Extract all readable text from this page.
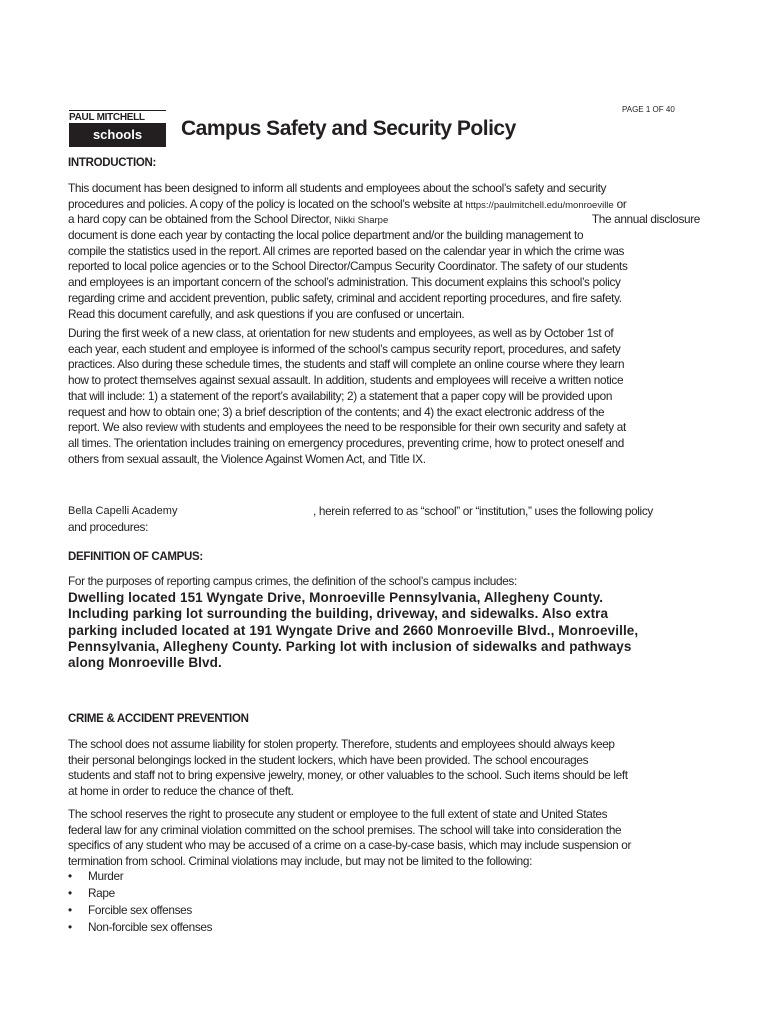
PAUL MITCHELL
schools	Campus Safety and Security Policy
PAGE 1 OF 40
INTRODUCTION:
This document has been designed to inform all students and employees about the school’s safety and security
procedures and policies. A copy of the policy is located on the school’s website at https://paulmitchell.edu/monroeville or
a hard copy can be obtained from the School Director, Nikki Sharpe	The annual disclosure
document is done each year by contacting the local police department and/or the building management to
compile the statistics used in the report. All crimes are reported based on the calendar year in which the crime was
reported to local police agencies or to the School Director/Campus Security Coordinator. The safety of our students
and employees is an important concern of the school’s administration. This document explains this school’s policy
regarding crime and accident prevention, public safety, criminal and accident reporting procedures, and fire safety.
Read this document carefully, and ask questions if you are confused or uncertain.
During the first week of a new class, at orientation for new students and employees, as well as by October 1st of
each year, each student and employee is informed of the school’s campus security report, procedures, and safety
practices. Also during these schedule times, the students and staff will complete an online course where they learn
how to protect themselves against sexual assault. In addition, students and employees will receive a written notice
that will include: 1) a statement of the report’s availability; 2) a statement that a paper copy will be provided upon
request and how to obtain one; 3) a brief description of the contents; and 4) the exact electronic address of the
report. We also review with students and employees the need to be responsible for their own security and safety at
all times. The orientation includes training on emergency procedures, preventing crime, how to protect oneself and
others from sexual assault, the Violence Against Women Act, and Title IX.
Bella Capelli Academy	, herein referred to as “school” or “institution,” uses the following policy
and procedures:
DEFINITION OF CAMPUS:
For the purposes of reporting campus crimes, the definition of the school’s campus includes:
Dwelling located 151 Wyngate Drive, Monroeville Pennsylvania, Allegheny County.
Including parking lot surrounding the building, driveway, and sidewalks. Also extra
parking included located at 191 Wyngate Drive and 2660 Monroeville Blvd., Monroeville,
Pennsylvania, Allegheny County. Parking lot with inclusion of sidewalks and pathways
along Monroeville Blvd.
CRIME & ACCIDENT PREVENTION
The school does not assume liability for stolen property. Therefore, students and employees should always keep
their personal belongings locked in the student lockers, which have been provided. The school encourages
students and staff not to bring expensive jewelry, money, or other valuables to the school. Such items should be left
at home in order to reduce the chance of theft.
The school reserves the right to prosecute any student or employee to the full extent of state and United States
federal law for any criminal violation committed on the school premises. The school will take into consideration the
specifics of any student who may be accused of a crime on a case-by-case basis, which may include suspension or
termination from school. Criminal violations may include, but may not be limited to the following:
• Murder
• Rape
• Forcible sex offenses
• Non-forcible sex offenses
